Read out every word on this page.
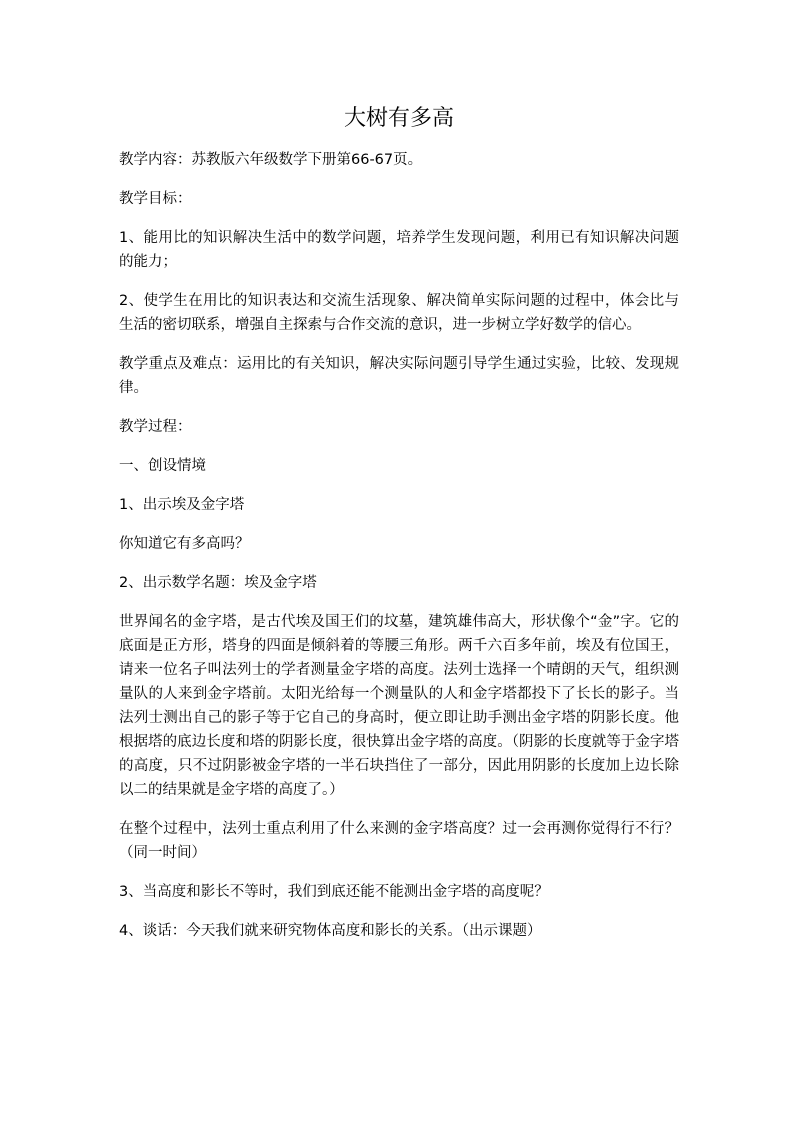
大树有多高

教学内容：苏教版六年级数学下册第66-67页。

教学目标：

1、能用比的知识解决生活中的数学问题，培养学生发现问题，利用已有知识解决问题的能力；

2、使学生在用比的知识表达和交流生活现象、解决简单实际问题的过程中，体会比与生活的密切联系，增强自主探索与合作交流的意识，进一步树立学好数学的信心。

教学重点及难点：运用比的有关知识，解决实际问题引导学生通过实验，比较、发现规律。

教学过程：

一、创设情境

1、出示埃及金字塔

你知道它有多高吗？

2、出示数学名题：埃及金字塔

世界闻名的金字塔，是古代埃及国王们的坟墓，建筑雄伟高大，形状像个“金”字。它的底面是正方形，塔身的四面是倾斜着的等腰三角形。两千六百多年前，埃及有位国王，请来一位名子叫法列士的学者测量金字塔的高度。法列士选择一个晴朗的天气，组织测量队的人来到金字塔前。太阳光给每一个测量队的人和金字塔都投下了长长的影子。当法列士测出自己的影子等于它自己的身高时，便立即让助手测出金字塔的阴影长度。他根据塔的底边长度和塔的阴影长度，很快算出金字塔的高度。（阴影的长度就等于金字塔的高度，只不过阴影被金字塔的一半石块挡住了一部分，因此用阴影的长度加上边长除以二的结果就是金字塔的高度了。）

在整个过程中，法列士重点利用了什么来测的金字塔高度？过一会再测你觉得行不行？（同一时间）

3、当高度和影长不等时，我们到底还能不能测出金字塔的高度呢？

4、谈话：今天我们就来研究物体高度和影长的关系。（出示课题）
